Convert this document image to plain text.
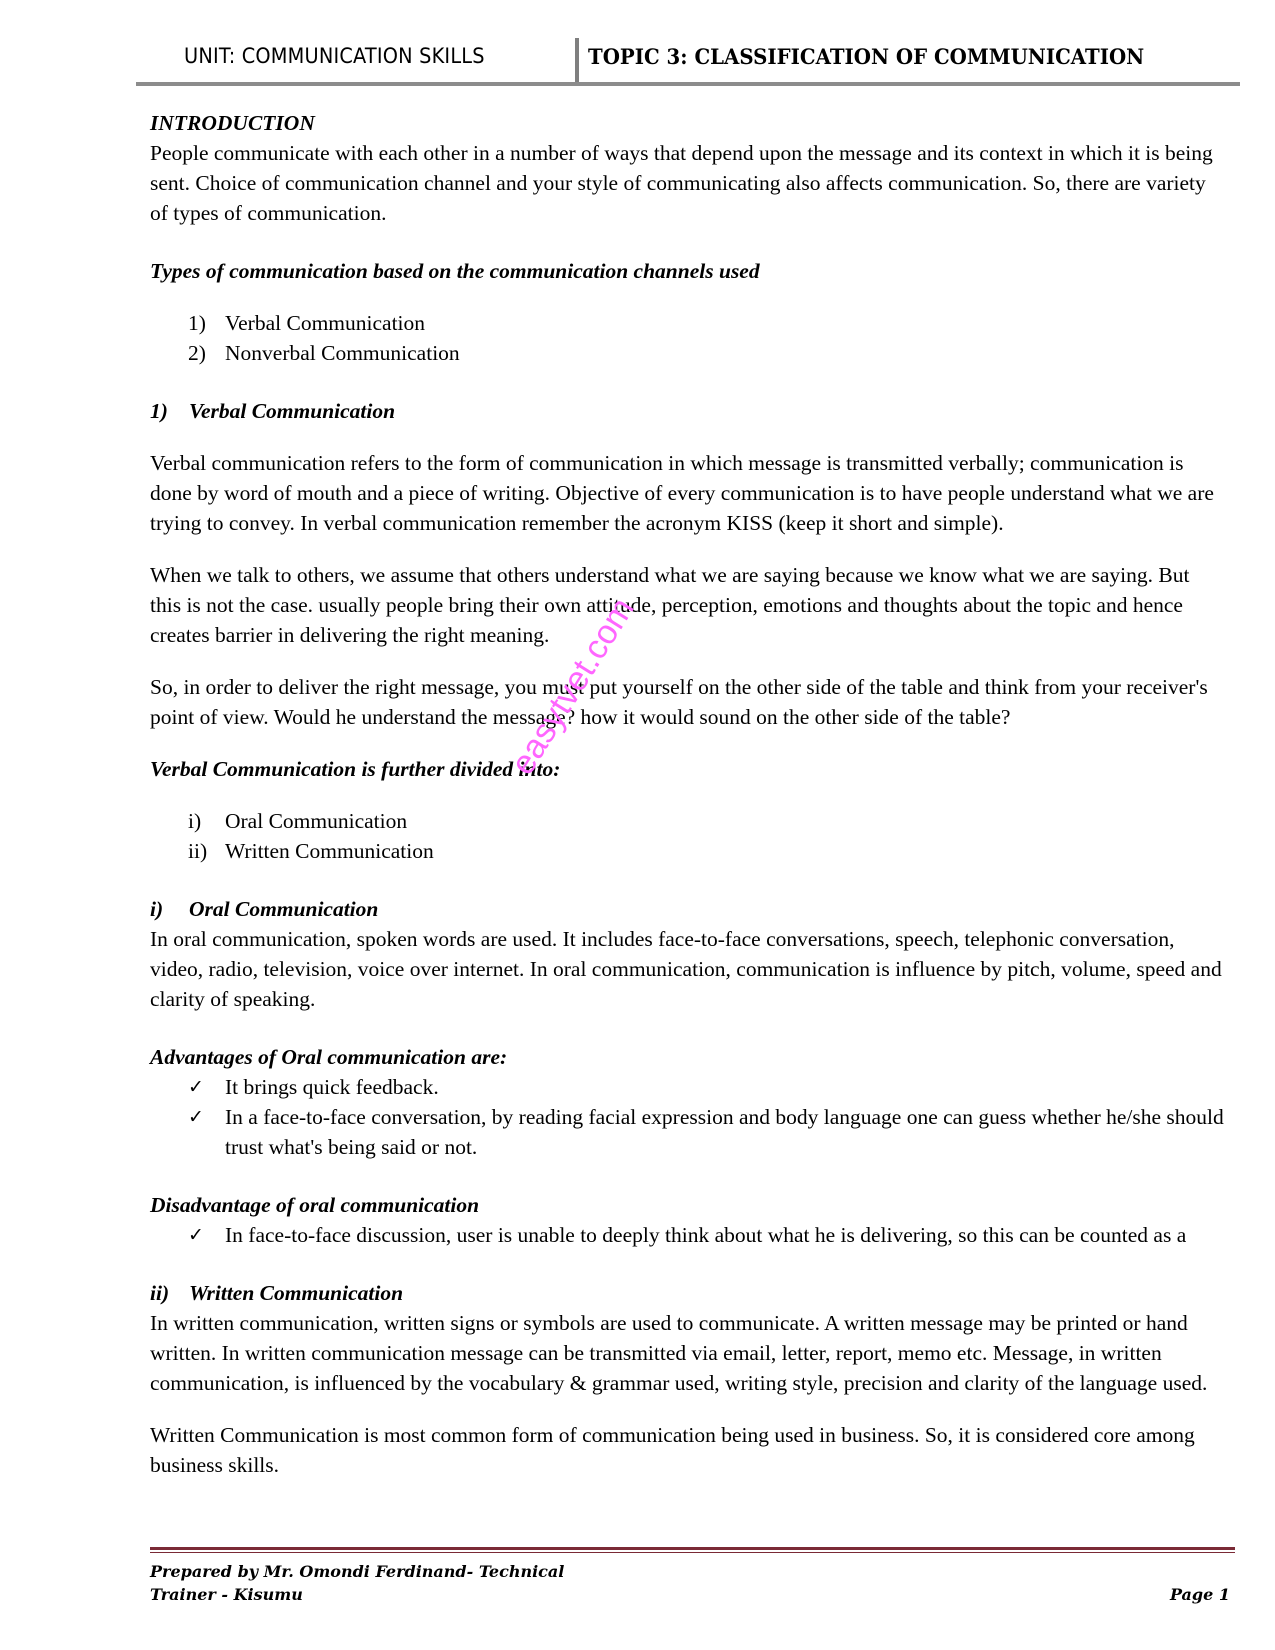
UNIT: COMMUNICATION SKILLS	TOPIC 3: CLASSIFICATION OF COMMUNICATION

INTRODUCTION

People communicate with each other in a number of ways that depend upon the message and its context in which it is being sent. Choice of communication channel and your style of communicating also affects communication. So, there are variety of types of communication.

Types of communication based on the communication channels used

1) Verbal Communication
2) Nonverbal Communication

1) Verbal Communication

Verbal communication refers to the form of communication in which message is transmitted verbally; communication is done by word of mouth and a piece of writing. Objective of every communication is to have people understand what we are trying to convey. In verbal communication remember the acronym KISS (keep it short and simple).

When we talk to others, we assume that others understand what we are saying because we know what we are saying. But this is not the case. usually people bring their own attitude, perception, emotions and thoughts about the topic and hence creates barrier in delivering the right meaning.

So, in order to deliver the right message, you must put yourself on the other side of the table and think from your receiver's point of view. Would he understand the message? how it would sound on the other side of the table?

Verbal Communication is further divided into:

i)	Oral Communication
ii) Written Communication

i)	Oral Communication

In oral communication, spoken words are used. It includes face-to-face conversations, speech, telephonic conversation, video, radio, television, voice over internet. In oral communication, communication is influence by pitch, volume, speed and clarity of speaking.

Advantages of Oral communication are:

✓ It brings quick feedback.
✓ In a face-to-face conversation, by reading facial expression and body language one can guess whether he/she should trust what's being said or not.

Disadvantage of oral communication

✓ In face-to-face discussion, user is unable to deeply think about what he is delivering, so this can be counted as a

ii) Written Communication

In written communication, written signs or symbols are used to communicate. A written message may be printed or hand written. In written communication message can be transmitted via email, letter, report, memo etc. Message, in written communication, is influenced by the vocabulary & grammar used, writing style, precision and clarity of the language used.

Written Communication is most common form of communication being used in business. So, it is considered core among business skills.

easytvet.com
Prepared by Mr. Omondi Ferdinand- Technical
Trainer - Kisumu	Page 1
